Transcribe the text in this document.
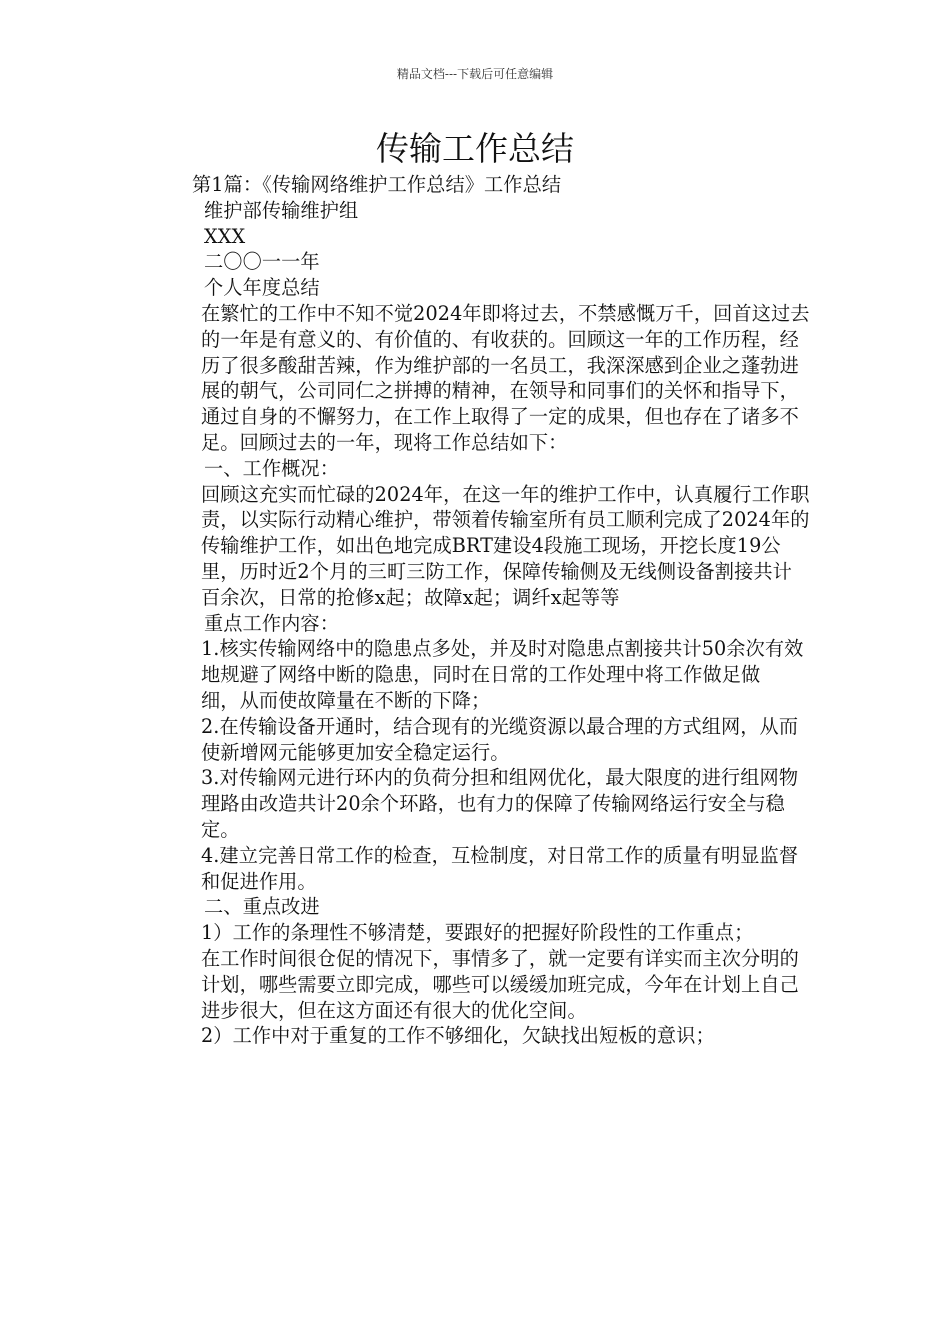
精品文档---下载后可任意编辑
传输工作总结

第1篇：《传输网络维护工作总结》工作总结

维护部传输维护组

XXX

二〇〇一一年

个人年度总结

在繁忙的工作中不知不觉2024年即将过去，不禁感慨万千，回首这过去的一年是有意义的、有价值的、有收获的。回顾这一年的工作历程，经历了很多酸甜苦辣，作为维护部的一名员工，我深深感到企业之蓬勃进展的朝气，公司同仁之拼搏的精神，在领导和同事们的关怀和指导下，通过自身的不懈努力，在工作上取得了一定的成果，但也存在了诸多不足。回顾过去的一年，现将工作总结如下：

一、工作概况：

回顾这充实而忙碌的2024年，在这一年的维护工作中，认真履行工作职责，以实际行动精心维护，带领着传输室所有员工顺利完成了2024年的传输维护工作，如出色地完成BRT建设4段施工现场，开挖长度19公里，历时近2个月的三町三防工作，保障传输侧及无线侧设备割接共计百余次，日常的抢修x起；故障x起；调纤x起等等

重点工作内容：

1.核实传输网络中的隐患点多处，并及时对隐患点割接共计50余次有效

地规避了网络中断的隐患，同时在日常的工作处理中将工作做足做

细，从而使故障量在不断的下降；

2.在传输设备开通时，结合现有的光缆资源以最合理的方式组网，从而

使新增网元能够更加安全稳定运行。

3.对传输网元进行环内的负荷分担和组网优化，最大限度的进行组网物

理路由改造共计20余个环路，也有力的保障了传输网络运行安全与稳定。

4.建立完善日常工作的检查，互检制度，对日常工作的质量有明显监督

和促进作用。

二、重点改进

1）工作的条理性不够清楚，要跟好的把握好阶段性的工作重点；

在工作时间很仓促的情况下，事情多了，就一定要有详实而主次分明的计划，哪些需要立即完成，哪些可以缓缓加班完成，今年在计划上自己进步很大，但在这方面还有很大的优化空间。

2）工作中对于重复的工作不够细化，欠缺找出短板的意识；
